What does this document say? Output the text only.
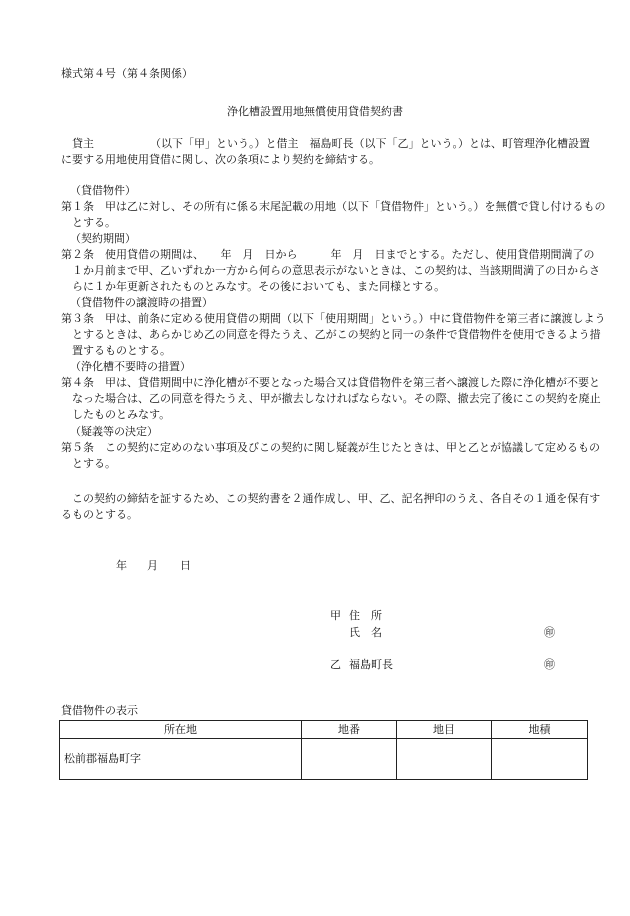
様式第４号（第４条関係）
浄化槽設置用地無償使用貸借契約書
貸主	（以下「甲」という。）と借主　福島町長（以下「乙」という。）とは、町管理浄化槽設置
に要する用地使用貸借に関し、次の条項により契約を締結する。
（貸借物件）
第１条　甲は乙に対し、その所有に係る末尾記載の用地（以下「貸借物件」という。）を無償で貸し付けるもの
とする。
（契約期間）
第２条　使用貸借の期間は、　　年　月　日から　　　年　月　日までとする。ただし、使用貸借期間満了の
１か月前まで甲、乙いずれか一方から何らの意思表示がないときは、この契約は、当該期間満了の日からさ
らに１か年更新されたものとみなす。その後においても、また同様とする。
（貸借物件の譲渡時の措置）
第３条　甲は、前条に定める使用貸借の期間（以下「使用期間」という。）中に貸借物件を第三者に譲渡しよう
とするときは、あらかじめ乙の同意を得たうえ、乙がこの契約と同一の条件で貸借物件を使用できるよう措
置するものとする。
（浄化槽不要時の措置）
第４条　甲は、貸借期間中に浄化槽が不要となった場合又は貸借物件を第三者へ譲渡した際に浄化槽が不要と
なった場合は、乙の同意を得たうえ、甲が撤去しなければならない。その際、撤去完了後にこの契約を廃止
したものとみなす。
（疑義等の決定）
第５条　この契約に定めのない事項及びこの契約に関し疑義が生じたときは、甲と乙とが協議して定めるもの
とする。
この契約の締結を証するため、この契約書を２通作成し、甲、乙、記名押印のうえ、各自その１通を保有す
るものとする。
年 月 日
甲 住　所
氏　名	㊞
乙 福島町長	㊞
貸借物件の表示
所在地	地番	地目	地積
松前郡福島町字			
